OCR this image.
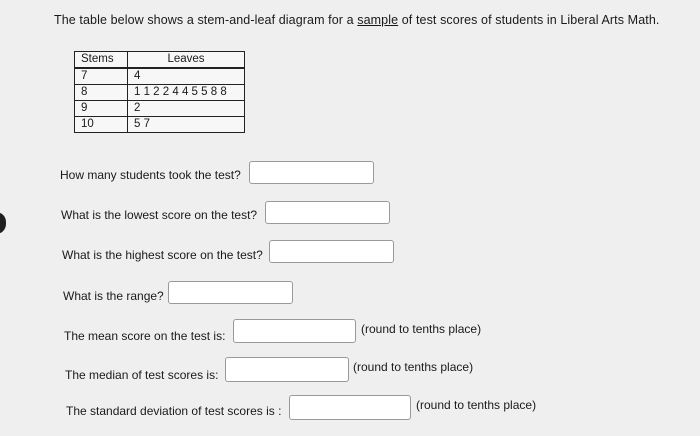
The table below shows a stem-and-leaf diagram for a sample of test scores of students in Liberal Arts Math.
Stems	Leaves
7	4
8	1 1 2 2 4 4 5 5 8 8
9	2
10	5 7
How many students took the test?
What is the lowest score on the test?
What is the highest score on the test?
What is the range?
The mean score on the test is:	(round to tenths place)
The median of test scores is:
(round to tenths place)
The standard deviation of test scores is :	(round to tenths place)
